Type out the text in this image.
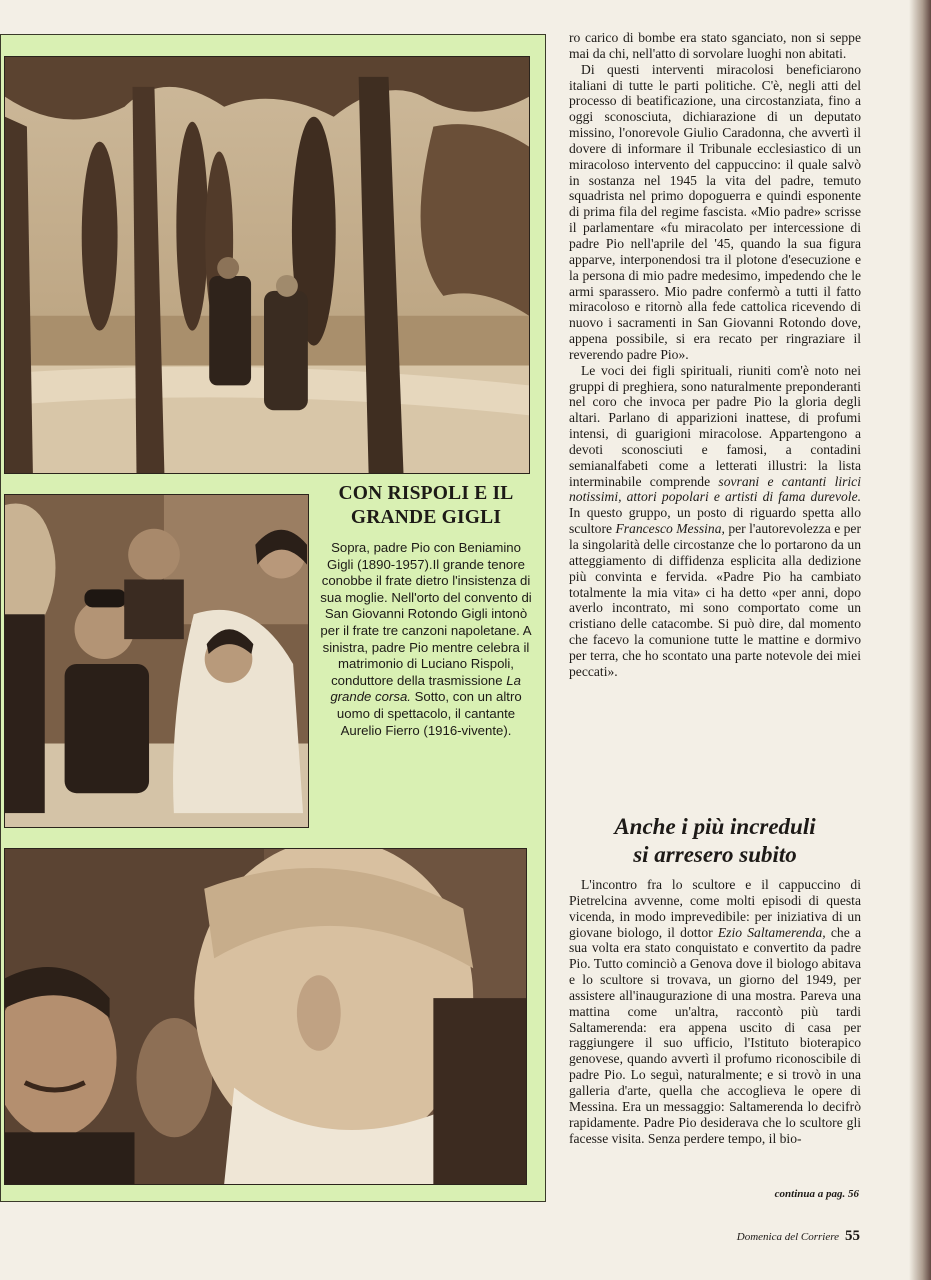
CON RISPOLI E IL GRANDE GIGLI

Sopra, padre Pio con Beniamino Gigli (1890-1957).Il grande tenore conobbe il frate dietro l'insistenza di sua moglie. Nell'orto del convento di San Giovanni Rotondo Gigli intonò per il frate tre canzoni napoletane. A sinistra, padre Pio mentre celebra il matrimonio di Luciano Rispoli, conduttore della trasmissione La grande corsa. Sotto, con un altro uomo di spettacolo, il cantante Aurelio Fierro (1916-vivente).

ro carico di bombe era stato sganciato, non si seppe mai da chi, nell'atto di sorvolare luoghi non abitati.

Di questi interventi miracolosi beneficiarono italiani di tutte le parti politiche. C'è, negli atti del processo di beatificazione, una circostanziata, fino a oggi sconosciuta, dichiarazione di un deputato missino, l'onorevole Giulio Caradonna, che avvertì il dovere di informare il Tribunale ecclesiastico di un miracoloso intervento del cappuccino: il quale salvò in sostanza nel 1945 la vita del padre, temuto squadrista nel primo dopoguerra e quindi esponente di prima fila del regime fascista. «Mio padre» scrisse il parlamentare «fu miracolato per intercessione di padre Pio nell'aprile del '45, quando la sua figura apparve, interponendosi tra il plotone d'esecuzione e la persona di mio padre medesimo, impedendo che le armi sparassero. Mio padre confermò a tutti il fatto miracoloso e ritornò alla fede cattolica ricevendo di nuovo i sacramenti in San Giovanni Rotondo dove, appena possibile, si era recato per ringraziare il reverendo padre Pio».

Le voci dei figli spirituali, riuniti com'è noto nei gruppi di preghiera, sono naturalmente preponderanti nel coro che invoca per padre Pio la gloria degli altari. Parlano di apparizioni inattese, di profumi intensi, di guarigioni miracolose. Appartengono a devoti sconosciuti e famosi, a contadini semianalfabeti come a letterati illustri: la lista interminabile comprende sovrani e cantanti lirici notissimi, attori popolari e artisti di fama durevole. In questo gruppo, un posto di riguardo spetta allo scultore Francesco Messina, per l'autorevolezza e per la singolarità delle circostanze che lo portarono da un atteggiamento di diffidenza esplicita alla dedizione più convinta e fervida. «Padre Pio ha cambiato totalmente la mia vita» ci ha detto «per anni, dopo averlo incontrato, mi sono comportato come un cristiano delle catacombe. Si può dire, dal momento che facevo la comunione tutte le mattine e dormivo per terra, che ho scontato una parte notevole dei miei peccati».

Anche i più increduli
si arresero subito

L'incontro fra lo scultore e il cappuccino di Pietrelcina avvenne, come molti episodi di questa vicenda, in modo imprevedibile: per iniziativa di un giovane biologo, il dottor Ezio Saltamerenda, che a sua volta era stato conquistato e convertito da padre Pio. Tutto cominciò a Genova dove il biologo abitava e lo scultore si trovava, un giorno del 1949, per assistere all'inaugurazione di una mostra. Pareva una mattina come un'altra, raccontò più tardi Saltamerenda: era appena uscito di casa per raggiungere il suo ufficio, l'Istituto bioterapico genovese, quando avvertì il profumo riconoscibile di padre Pio. Lo seguì, naturalmente; e si trovò in una galleria d'arte, quella che accoglieva le opere di Messina. Era un messaggio: Saltamerenda lo decifrò rapidamente. Padre Pio desiderava che lo scultore gli facesse visita. Senza perdere tempo, il bio-

continua a pag. 56
Domenica del Corriere 55
